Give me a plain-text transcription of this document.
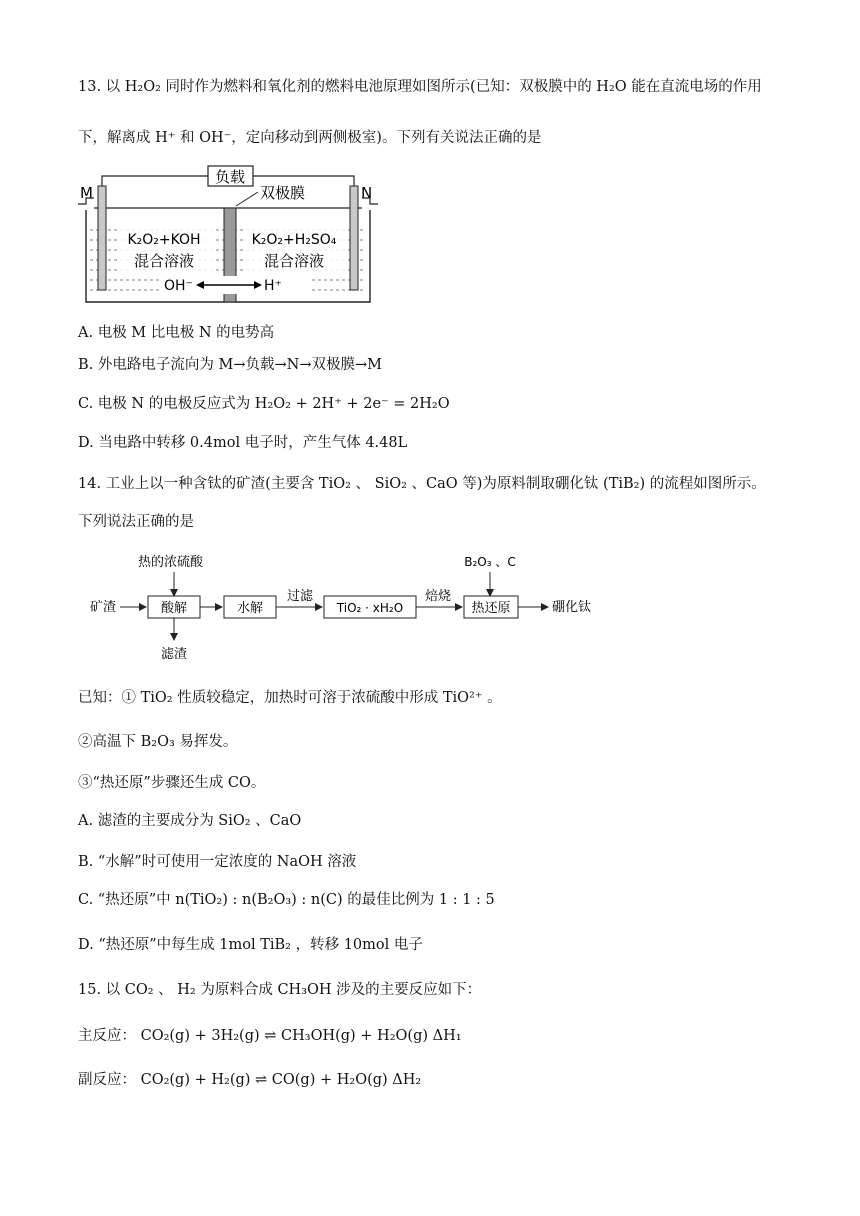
13. 以 H₂O₂ 同时作为燃料和氧化剂的燃料电池原理如图所示(已知：双极膜中的 H₂O 能在直流电场的作用
下，解离成 H⁺ 和 OH⁻，定向移动到两侧极室)。下列有关说法正确的是
负载
M	N
双极膜
K₂O₂+KOH
混合溶液
K₂O₂+H₂SO₄
混合溶液
OH⁻	H⁺
A. 电极 M 比电极 N 的电势高
B. 外电路电子流向为 M→负载→N→双极膜→M
C. 电极 N 的电极反应式为 H₂O₂ + 2H⁺ + 2e⁻ = 2H₂O
D. 当电路中转移 0.4mol 电子时，产生气体 4.48L
14. 工业上以一种含钛的矿渣(主要含 TiO₂ 、 SiO₂ 、CaO 等)为原料制取硼化钛 (TiB₂) 的流程如图所示。
下列说法正确的是
热的浓硫酸
矿渣	酸解
滤渣
水解
过滤
TiO₂ · xH₂O
焙烧
B₂O₃ 、C
热还原	硼化钛
已知：① TiO₂ 性质较稳定，加热时可溶于浓硫酸中形成 TiO²⁺ 。
②高温下 B₂O₃ 易挥发。
③“热还原”步骤还生成 CO。
A. 滤渣的主要成分为 SiO₂ 、CaO
B. “水解”时可使用一定浓度的 NaOH 溶液
C. “热还原”中 n(TiO₂) : n(B₂O₃) : n(C) 的最佳比例为 1 : 1 : 5
D. “热还原”中每生成 1mol TiB₂ ，转移 10mol 电子
15. 以 CO₂ 、 H₂ 为原料合成 CH₃OH 涉及的主要反应如下：
主反应： CO₂(g) + 3H₂(g) ⇌ CH₃OH(g) + H₂O(g) ΔH₁
副反应： CO₂(g) + H₂(g) ⇌ CO(g) + H₂O(g) ΔH₂
